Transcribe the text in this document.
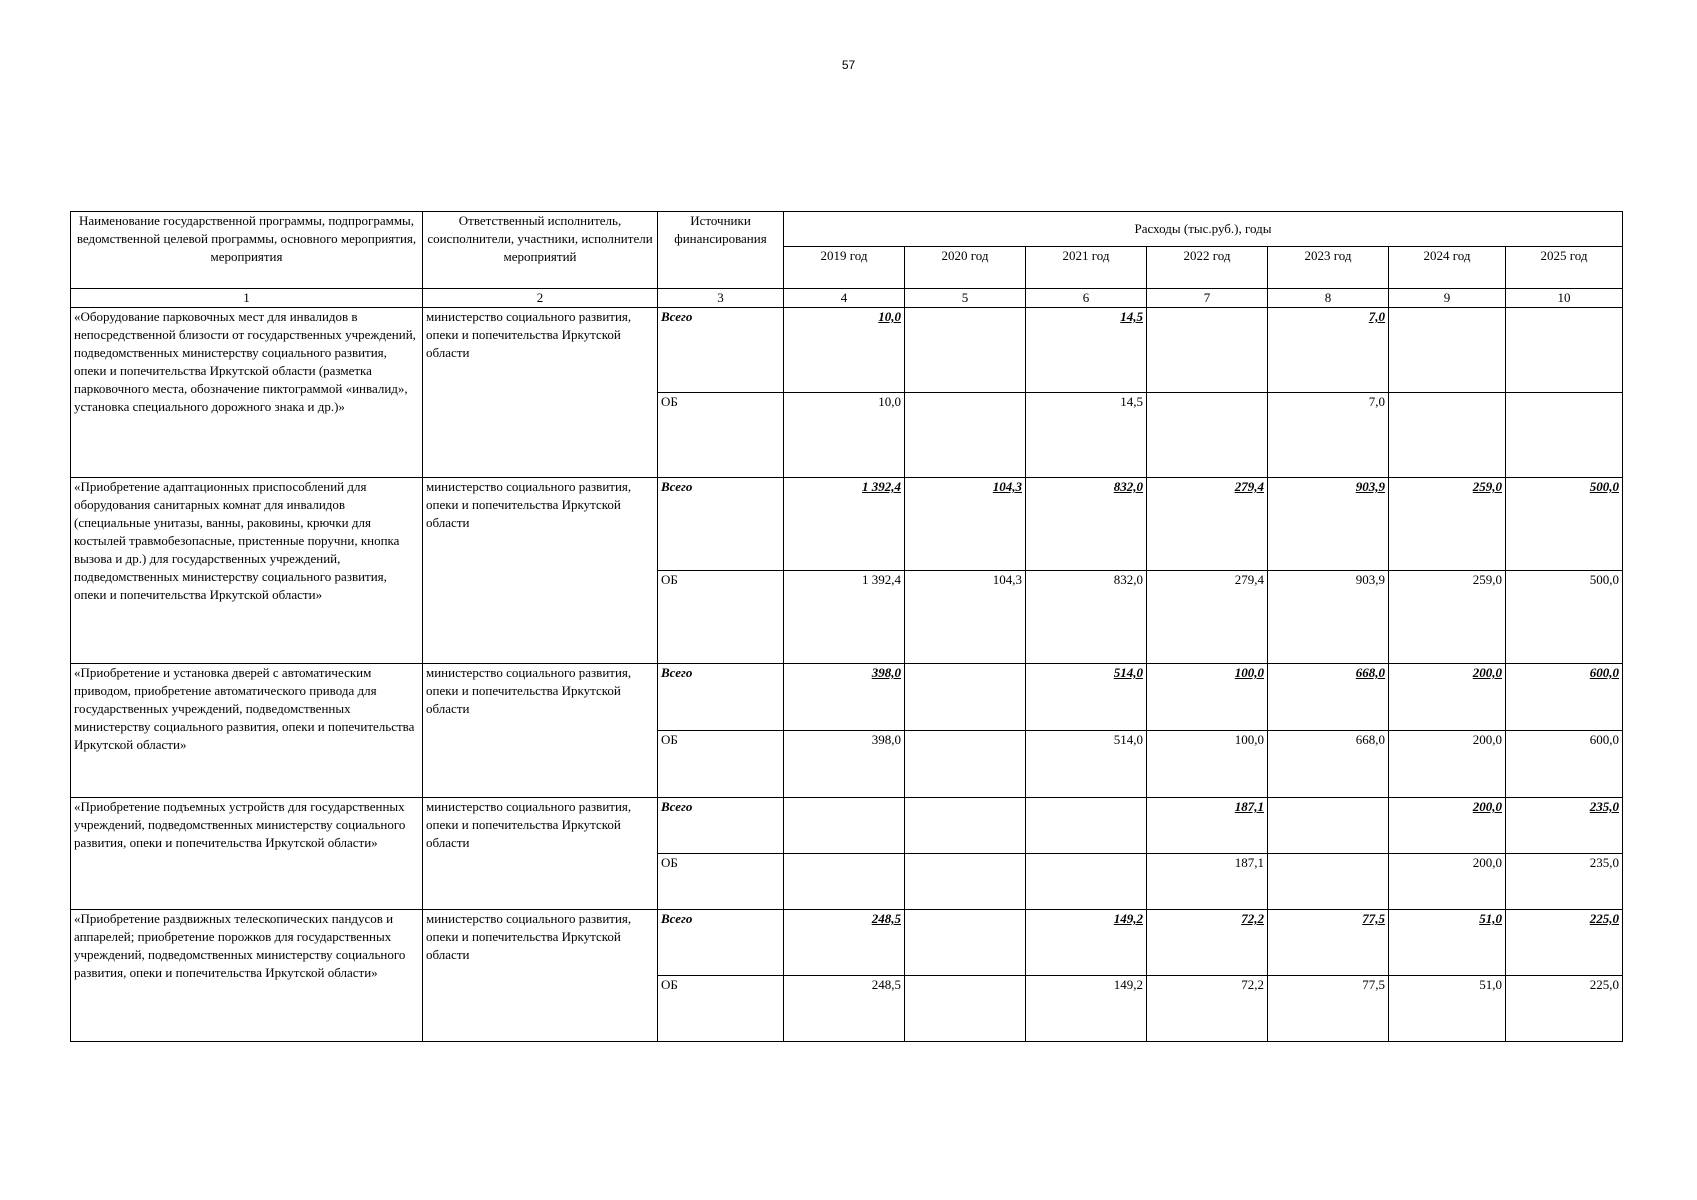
57
Наименование государственной программы, подпрограммы, ведомственной целевой программы, основного мероприятия, мероприятия	Ответственный исполнитель, соисполнители, участники, исполнители мероприятий	Источники финансирования	Расходы (тыс.руб.), годы						
			2019 год	2020 год	2021 год	2022 год	2023 год	2024 год	2025 год
1	2	3	4	5	6	7	8	9	10
«Оборудование парковочных мест для инвалидов в непосредственной близости от государственных учреждений, подведомственных министерству социального развития, опеки и попечительства Иркутской области (разметка парковочного места, обозначение пиктограммой «инвалид», установка специального дорожного знака и др.)»	министерство социального развития, опеки и попечительства Иркутской области	Всего	10,0		14,5		7,0		
		ОБ	10,0		14,5		7,0		
«Приобретение адаптационных приспособлений для оборудования санитарных комнат для инвалидов (специальные унитазы, ванны, раковины, крючки для костылей травмобезопасные, пристенные поручни, кнопка вызова и др.) для государственных учреждений, подведомственных министерству социального развития, опеки и попечительства Иркутской области»	министерство социального развития, опеки и попечительства Иркутской области	Всего	1 392,4	104,3	832,0	279,4	903,9	259,0	500,0
		ОБ	1 392,4	104,3	832,0	279,4	903,9	259,0	500,0
«Приобретение и установка дверей с автоматическим приводом, приобретение автоматического привода для государственных учреждений, подведомственных министерству социального развития, опеки и попечительства Иркутской области»	министерство социального развития, опеки и попечительства Иркутской области	Всего	398,0		514,0	100,0	668,0	200,0	600,0
		ОБ	398,0		514,0	100,0	668,0	200,0	600,0
«Приобретение подъемных устройств для государственных учреждений, подведомственных министерству социального развития, опеки и попечительства Иркутской области»	министерство социального развития, опеки и попечительства Иркутской области	Всего				187,1		200,0	235,0
		ОБ				187,1		200,0	235,0
«Приобретение раздвижных телескопических пандусов и аппарелей; приобретение порожков для государственных учреждений, подведомственных министерству социального развития, опеки и попечительства Иркутской области»	министерство социального развития, опеки и попечительства Иркутской области	Всего	248,5		149,2	72,2	77,5	51,0	225,0
		ОБ	248,5		149,2	72,2	77,5	51,0	225,0
